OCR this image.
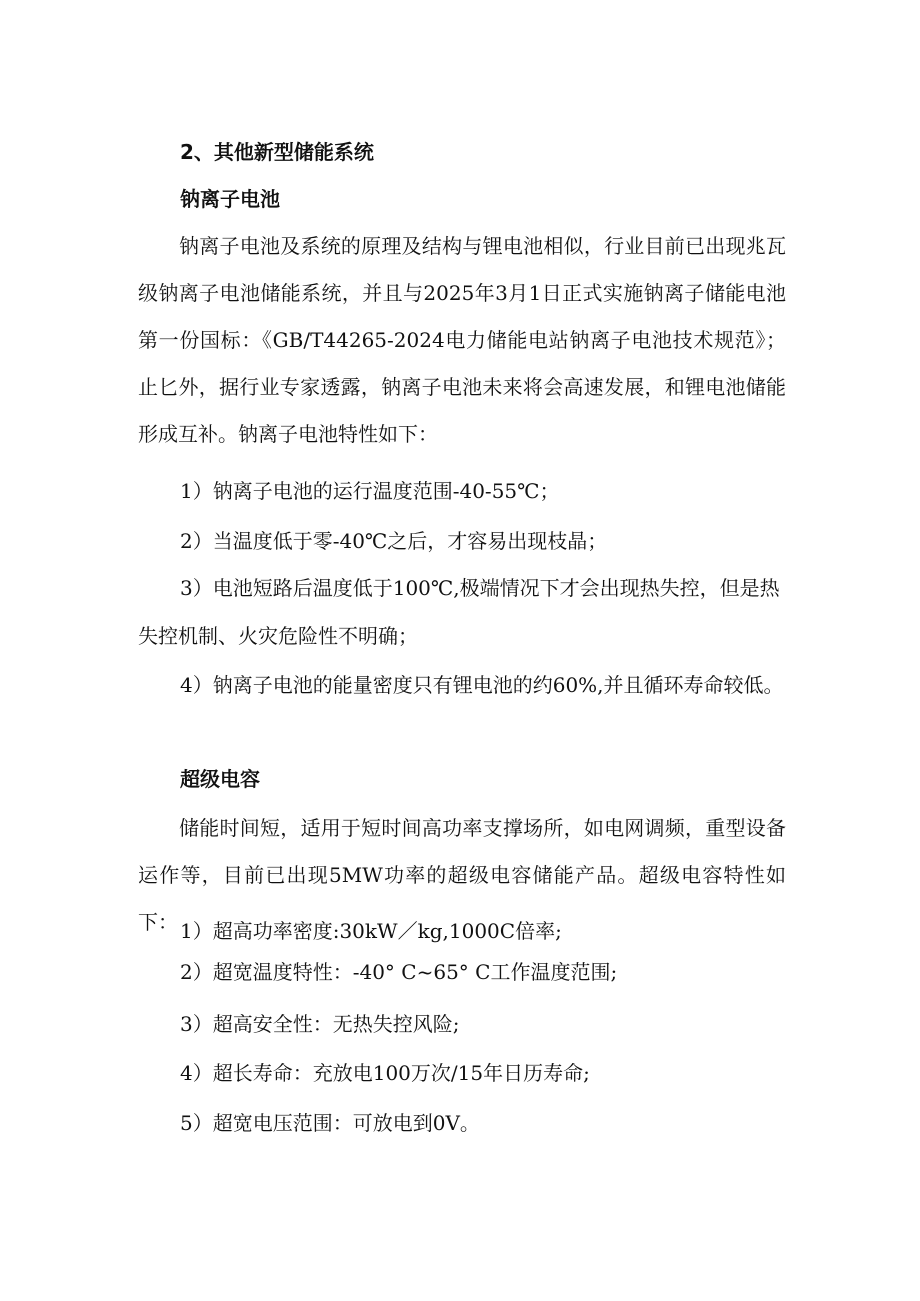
2、其他新型储能系统
钠离子电池

钠离子电池及系统的原理及结构与锂电池相似，行业目前已出现兆瓦级钠离子电池储能系统，并且与2025年3月1日正式实施钠离子储能电池第一份国标：《GB/T44265-2024电力储能电站钠离子电池技术规范》；止匕外，据行业专家透露，钠离子电池未来将会高速发展，和锂电池储能形成互补。钠离子电池特性如下：

1）钠离子电池的运行温度范围-40-55℃；
2）当温度低于零-40℃之后，才容易出现枝晶；
3）电池短路后温度低于100℃,极端情况下才会出现热失控，但是热
失控机制、火灾危险性不明确；
4）钠离子电池的能量密度只有锂电池的约60%,并且循环寿命较低。
超级电容

储能时间短，适用于短时间高功率支撑场所，如电网调频，重型设备运作等，目前已出现5MW功率的超级电容储能产品。超级电容特性如下： 1）超高功率密度:30kW／kg,1000C倍率;
2）超宽温度特性：-40° C~65° C工作温度范围;
3）超高安全性：无热失控风险;
4）超长寿命：充放电100万次/15年日历寿命;
5）超宽电压范围：可放电到0V。
